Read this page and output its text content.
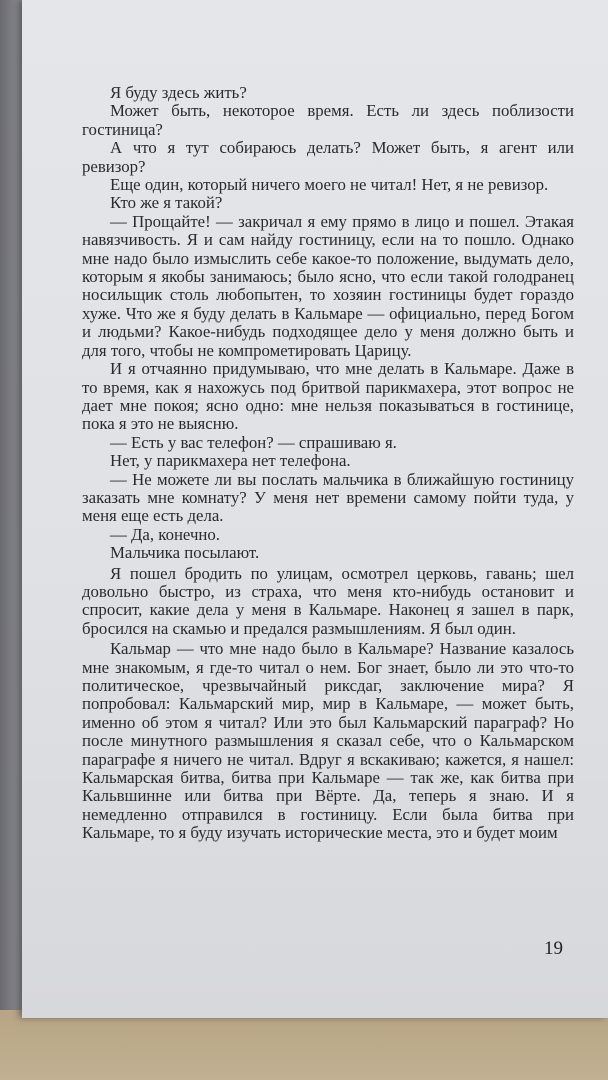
Я буду здесь жить?

Может быть, некоторое время. Есть ли здесь поблизости гостиница?

А что я тут собираюсь делать? Может быть, я агент или ревизор?

Еще один, который ничего моего не читал! Нет, я не ревизор.

Кто же я такой?

— Прощайте! — закричал я ему прямо в лицо и пошел. Этакая навязчивость. Я и сам найду гостиницу, если на то пошло. Однако мне надо было измыслить себе какое-то положение, выдумать дело, которым я якобы занимаюсь; было ясно, что если такой голодранец носильщик столь любопытен, то хозяин гостиницы будет гораздо хуже. Что же я буду делать в Кальмаре — официально, перед Богом и людьми? Какое-нибудь подходящее дело у меня должно быть и для того, чтобы не компрометировать Царицу.

И я отчаянно придумываю, что мне делать в Кальмаре. Даже в то время, как я нахожусь под бритвой парикмахера, этот вопрос не дает мне покоя; ясно одно: мне нельзя показываться в гостинице, пока я это не выясню.

— Есть у вас телефон? — спрашиваю я.

Нет, у парикмахера нет телефона.

— Не можете ли вы послать мальчика в ближайшую гостиницу заказать мне комнату? У меня нет времени самому пойти туда, у меня еще есть дела.

— Да, конечно.

Мальчика посылают.

Я пошел бродить по улицам, осмотрел церковь, гавань; шел довольно быстро, из страха, что меня кто-нибудь остановит и спросит, какие дела у меня в Кальмаре. Наконец я зашел в парк, бросился на скамью и предался размышлениям. Я был один.

Кальмар — что мне надо было в Кальмаре? Название казалось мне знакомым, я где-то читал о нем. Бог знает, было ли это что-то политическое, чрезвычайный риксдаг, заключение мира? Я попробовал: Кальмарский мир, мир в Кальмаре, — может быть, именно об этом я читал? Или это был Кальмарский параграф? Но после минутного размышления я сказал себе, что о Кальмарском параграфе я ничего не читал. Вдруг я вскакиваю; кажется, я нашел: Кальмарская битва, битва при Кальмаре — так же, как битва при Кальвшинне или битва при Вёрте. Да, теперь я знаю. И я немедленно отправился в гостиницу. Если была битва при Кальмаре, то я буду изучать исторические места, это и будет моим

19
